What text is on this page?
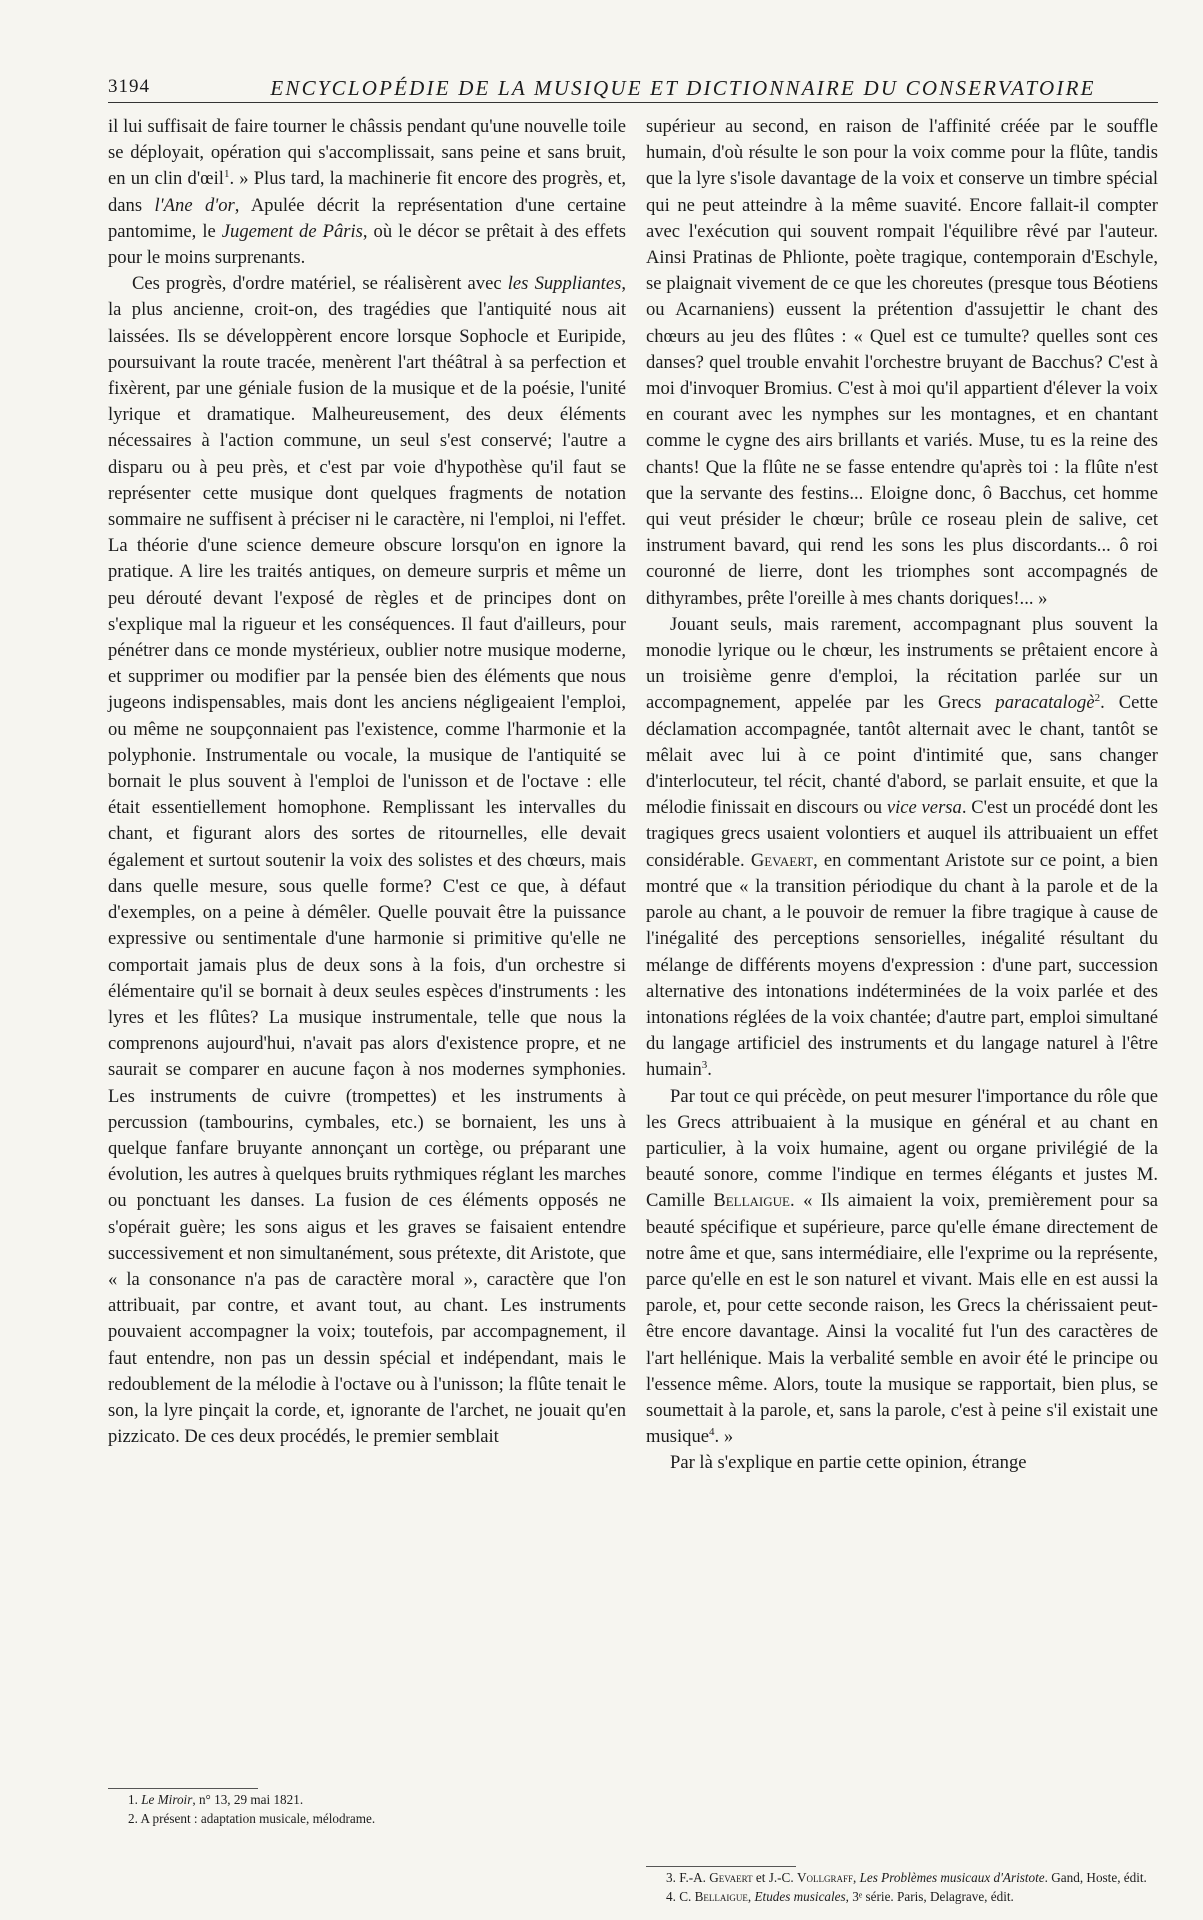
3194	ENCYCLOPÉDIE DE LA MUSIQUE ET DICTIONNAIRE DU CONSERVATOIRE

il lui suffisait de faire tourner le châssis pendant qu'une nouvelle toile se déployait, opération qui s'accomplissait, sans peine et sans bruit, en un clin d'œil$^1$. » Plus tard, la machinerie fit encore des progrès, et, dans l'Ane d'or, Apulée décrit la représentation d'une certaine pantomime, le Jugement de Pâris, où le décor se prêtait à des effets pour le moins surprenants.

Ces progrès, d'ordre matériel, se réalisèrent avec les Suppliantes, la plus ancienne, croit-on, des tragédies que l'antiquité nous ait laissées. Ils se développèrent encore lorsque Sophocle et Euripide, poursuivant la route tracée, menèrent l'art théâtral à sa perfection et fixèrent, par une géniale fusion de la musique et de la poésie, l'unité lyrique et dramatique. Malheureusement, des deux éléments nécessaires à l'action commune, un seul s'est conservé; l'autre a disparu ou à peu près, et c'est par voie d'hypothèse qu'il faut se représenter cette musique dont quelques fragments de notation sommaire ne suffisent à préciser ni le caractère, ni l'emploi, ni l'effet. La théorie d'une science demeure obscure lorsqu'on en ignore la pratique. A lire les traités antiques, on demeure surpris et même un peu dérouté devant l'exposé de règles et de principes dont on s'explique mal la rigueur et les conséquences. Il faut d'ailleurs, pour pénétrer dans ce monde mystérieux, oublier notre musique moderne, et supprimer ou modifier par la pensée bien des éléments que nous jugeons indispensables, mais dont les anciens négligeaient l'emploi, ou même ne soupçonnaient pas l'existence, comme l'harmonie et la polyphonie. Instrumentale ou vocale, la musique de l'antiquité se bornait le plus souvent à l'emploi de l'unisson et de l'octave : elle était essentiellement homophone. Remplissant les intervalles du chant, et figurant alors des sortes de ritournelles, elle devait également et surtout soutenir la voix des solistes et des chœurs, mais dans quelle mesure, sous quelle forme? C'est ce que, à défaut d'exemples, on a peine à démêler. Quelle pouvait être la puissance expressive ou sentimentale d'une harmonie si primitive qu'elle ne comportait jamais plus de deux sons à la fois, d'un orchestre si élémentaire qu'il se bornait à deux seules espèces d'instruments : les lyres et les flûtes? La musique instrumentale, telle que nous la comprenons aujourd'hui, n'avait pas alors d'existence propre, et ne saurait se comparer en aucune façon à nos modernes symphonies. Les instruments de cuivre (trompettes) et les instruments à percussion (tambourins, cymbales, etc.) se bornaient, les uns à quelque fanfare bruyante annonçant un cortège, ou préparant une évolution, les autres à quelques bruits rythmiques réglant les marches ou ponctuant les danses. La fusion de ces éléments opposés ne s'opérait guère; les sons aigus et les graves se faisaient entendre successivement et non simultanément, sous prétexte, dit Aristote, que « la consonance n'a pas de caractère moral », caractère que l'on attribuait, par contre, et avant tout, au chant. Les instruments pouvaient accompagner la voix; toutefois, par accompagnement, il faut entendre, non pas un dessin spécial et indépendant, mais le redoublement de la mélodie à l'octave ou à l'unisson; la flûte tenait le son, la lyre pinçait la corde, et, ignorante de l'archet, ne jouait qu'en pizzicato. De ces deux procédés, le premier semblait

supérieur au second, en raison de l'affinité créée par le souffle humain, d'où résulte le son pour la voix comme pour la flûte, tandis que la lyre s'isole davantage de la voix et conserve un timbre spécial qui ne peut atteindre à la même suavité. Encore fallait-il compter avec l'exécution qui souvent rompait l'équilibre rêvé par l'auteur. Ainsi Pratinas de Phlionte, poète tragique, contemporain d'Eschyle, se plaignait vivement de ce que les choreutes (presque tous Béotiens ou Acarnaniens) eussent la prétention d'assujettir le chant des chœurs au jeu des flûtes : « Quel est ce tumulte? quelles sont ces danses? quel trouble envahit l'orchestre bruyant de Bacchus? C'est à moi d'invoquer Bromius. C'est à moi qu'il appartient d'élever la voix en courant avec les nymphes sur les montagnes, et en chantant comme le cygne des airs brillants et variés. Muse, tu es la reine des chants! Que la flûte ne se fasse entendre qu'après toi : la flûte n'est que la servante des festins... Eloigne donc, ô Bacchus, cet homme qui veut présider le chœur; brûle ce roseau plein de salive, cet instrument bavard, qui rend les sons les plus discordants... ô roi couronné de lierre, dont les triomphes sont accompagnés de dithyrambes, prête l'oreille à mes chants doriques!... »

Jouant seuls, mais rarement, accompagnant plus souvent la monodie lyrique ou le chœur, les instruments se prêtaient encore à un troisième genre d'emploi, la récitation parlée sur un accompagnement, appelée par les Grecs paracatalogè$^2$. Cette déclamation accompagnée, tantôt alternait avec le chant, tantôt se mêlait avec lui à ce point d'intimité que, sans changer d'interlocuteur, tel récit, chanté d'abord, se parlait ensuite, et que la mélodie finissait en discours ou vice versa. C'est un procédé dont les tragiques grecs usaient volontiers et auquel ils attribuaient un effet considérable. Gevaert, en commentant Aristote sur ce point, a bien montré que « la transition périodique du chant à la parole et de la parole au chant, a le pouvoir de remuer la fibre tragique à cause de l'inégalité des perceptions sensorielles, inégalité résultant du mélange de différents moyens d'expression : d'une part, succession alternative des intonations indéterminées de la voix parlée et des intonations réglées de la voix chantée; d'autre part, emploi simultané du langage artificiel des instruments et du langage naturel à l'être humain$^3$.

Par tout ce qui précède, on peut mesurer l'importance du rôle que les Grecs attribuaient à la musique en général et au chant en particulier, à la voix humaine, agent ou organe privilégié de la beauté sonore, comme l'indique en termes élégants et justes M. Camille Bellaigue. « Ils aimaient la voix, premièrement pour sa beauté spécifique et supérieure, parce qu'elle émane directement de notre âme et que, sans intermédiaire, elle l'exprime ou la représente, parce qu'elle en est le son naturel et vivant. Mais elle en est aussi la parole, et, pour cette seconde raison, les Grecs la chérissaient peut-être encore davantage. Ainsi la vocalité fut l'un des caractères de l'art hellénique. Mais la verbalité semble en avoir été le principe ou l'essence même. Alors, toute la musique se rapportait, bien plus, se soumettait à la parole, et, sans la parole, c'est à peine s'il existait une musique$^4$. »

Par là s'explique en partie cette opinion, étrange

1. Le Miroir, n° 13, 29 mai 1821.

2. A présent : adaptation musicale, mélodrame.

3. F.-A. Gevaert et J.-C. Vollgraff, Les Problèmes musicaux d'Aristote. Gand, Hoste, édit.

4. C. Bellaigue, Etudes musicales, 3ᵉ série. Paris, Delagrave, édit.
